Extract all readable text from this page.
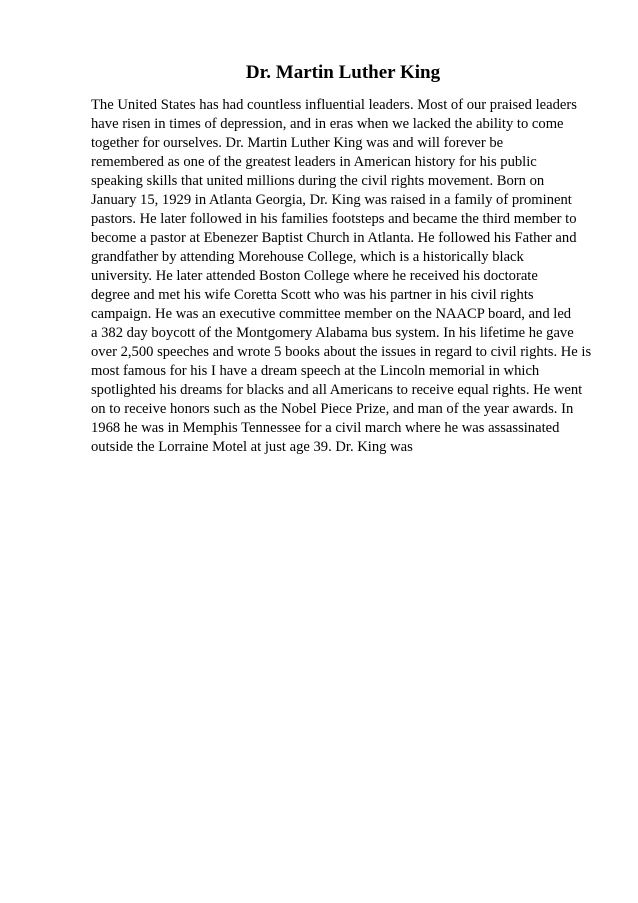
Dr. Martin Luther King
The United States has had countless influential leaders. Most of our praised leaders
have risen in times of depression, and in eras when we lacked the ability to come
together for ourselves. Dr. Martin Luther King was and will forever be
remembered as one of the greatest leaders in American history for his public
speaking skills that united millions during the civil rights movement. Born on
January 15, 1929 in Atlanta Georgia, Dr. King was raised in a family of prominent
pastors. He later followed in his families footsteps and became the third member to
become a pastor at Ebenezer Baptist Church in Atlanta. He followed his Father and
grandfather by attending Morehouse College, which is a historically black
university. He later attended Boston College where he received his doctorate
degree and met his wife Coretta Scott who was his partner in his civil rights
campaign. He was an executive committee member on the NAACP board, and led
a 382 day boycott of the Montgomery Alabama bus system. In his lifetime he gave
over 2,500 speeches and wrote 5 books about the issues in regard to civil rights. He is
most famous for his I have a dream speech at the Lincoln memorial in which
spotlighted his dreams for blacks and all Americans to receive equal rights. He went
on to receive honors such as the Nobel Piece Prize, and man of the year awards. In
1968 he was in Memphis Tennessee for a civil march where he was assassinated
outside the Lorraine Motel at just age 39. Dr. King was
